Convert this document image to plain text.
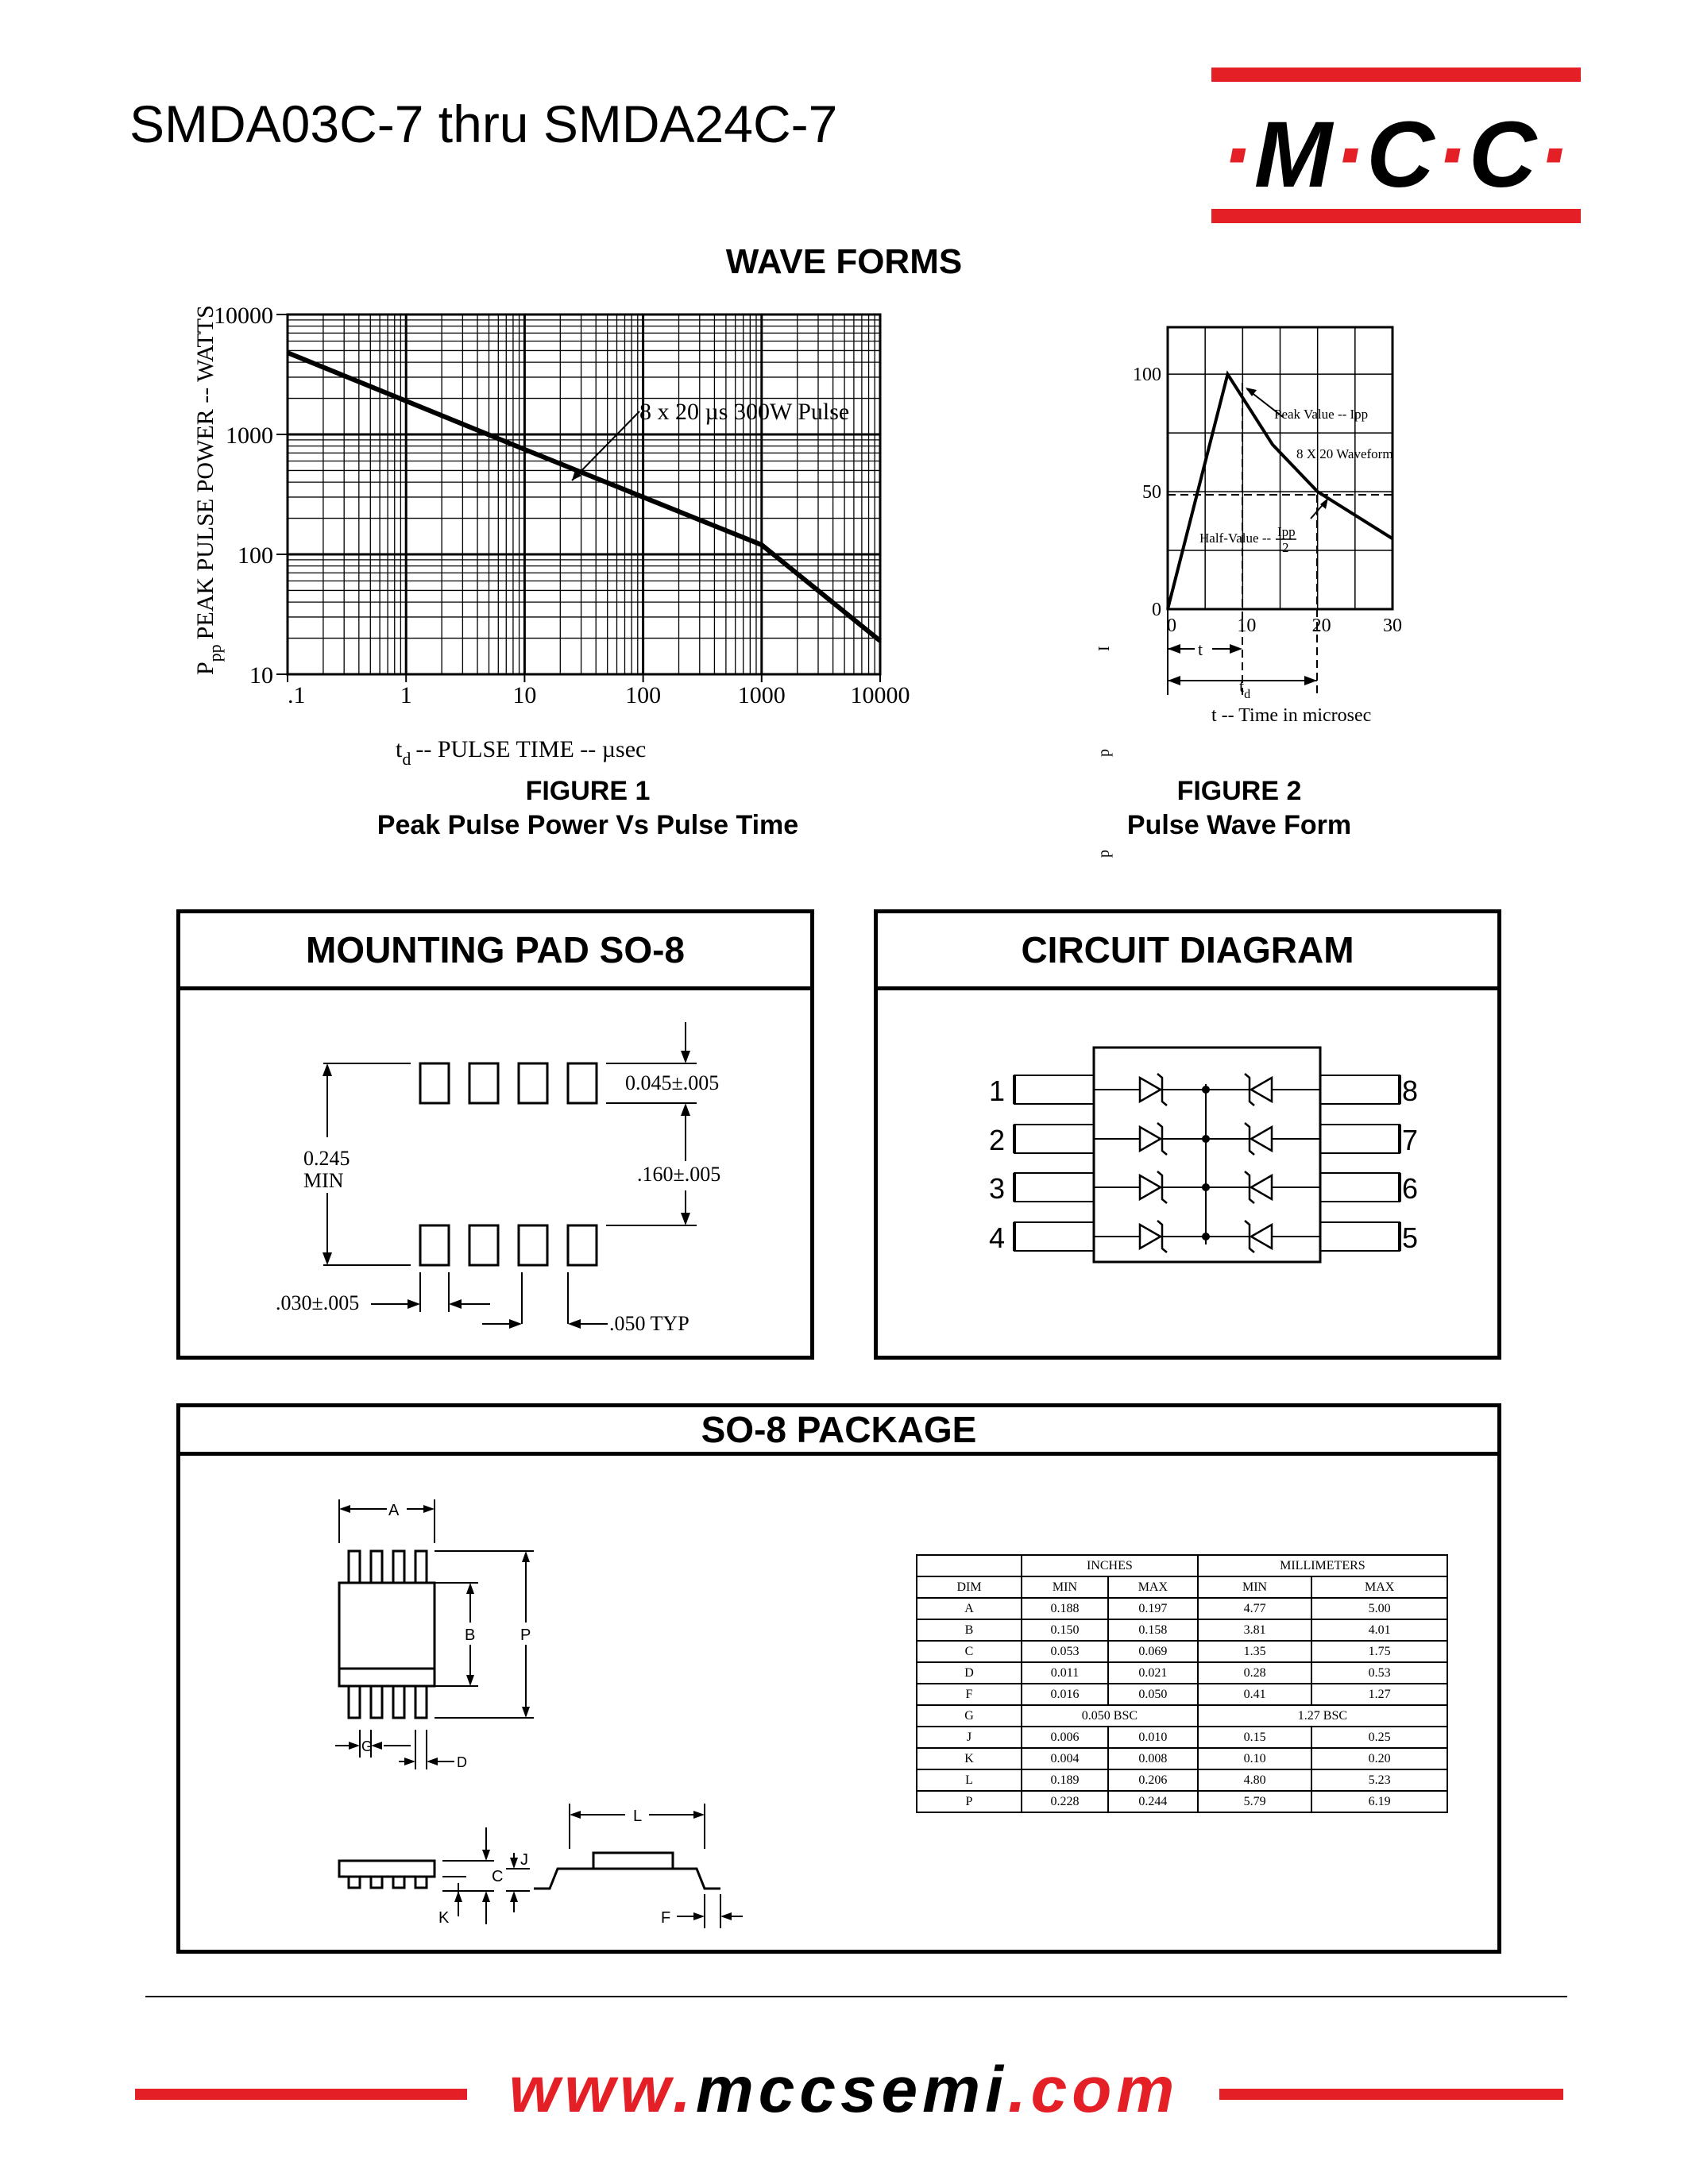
SMDA03C-7 thru SMDA24C-7	·M·C·C·
WAVE FORMS
10000
1000
100
10
.1	1	10	100	1000	10000
8 x 20 µs 300W Pulse
$P_{pp}PEAK$ PULSE POWER -- WATTS
$t_d$ -- PULSE TIME -- µsec
FIGURE 1
Peak Pulse Power Vs Pulse Time
100
50
0
0	10	20	30
Peak Value -- Ipp
8 X 20 Waveform
Half-Value -- Ipp
2
t
$t_d$
t -- Time in microsec
I
p
p
FIGURE 2
Pulse Wave Form
MOUNTING PAD SO-8
0.245
MIN
0.045±.005
.160±.005
.030±.005
.050 TYP
CIRCUIT DIAGRAM
1
2
3
4
8
7
6
5
SO-8 PACKAGE
A
B	P
G
D
C
K
L
J
F
	INCHES		MILLIMETERS	
DIM	MIN	MAX	MIN	MAX
A	0.188	0.197	4.77	5.00
B	0.150	0.158	3.81	4.01
C	0.053	0.069	1.35	1.75
D	0.011	0.021	0.28	0.53
F	0.016	0.050	0.41	1.27
G	0.050 BSC		1.27 BSC	
J	0.006	0.010	0.15	0.25
K	0.004	0.008	0.10	0.20
L	0.189	0.206	4.80	5.23
P	0.228	0.244	5.79	6.19
www.mccsemi.com
